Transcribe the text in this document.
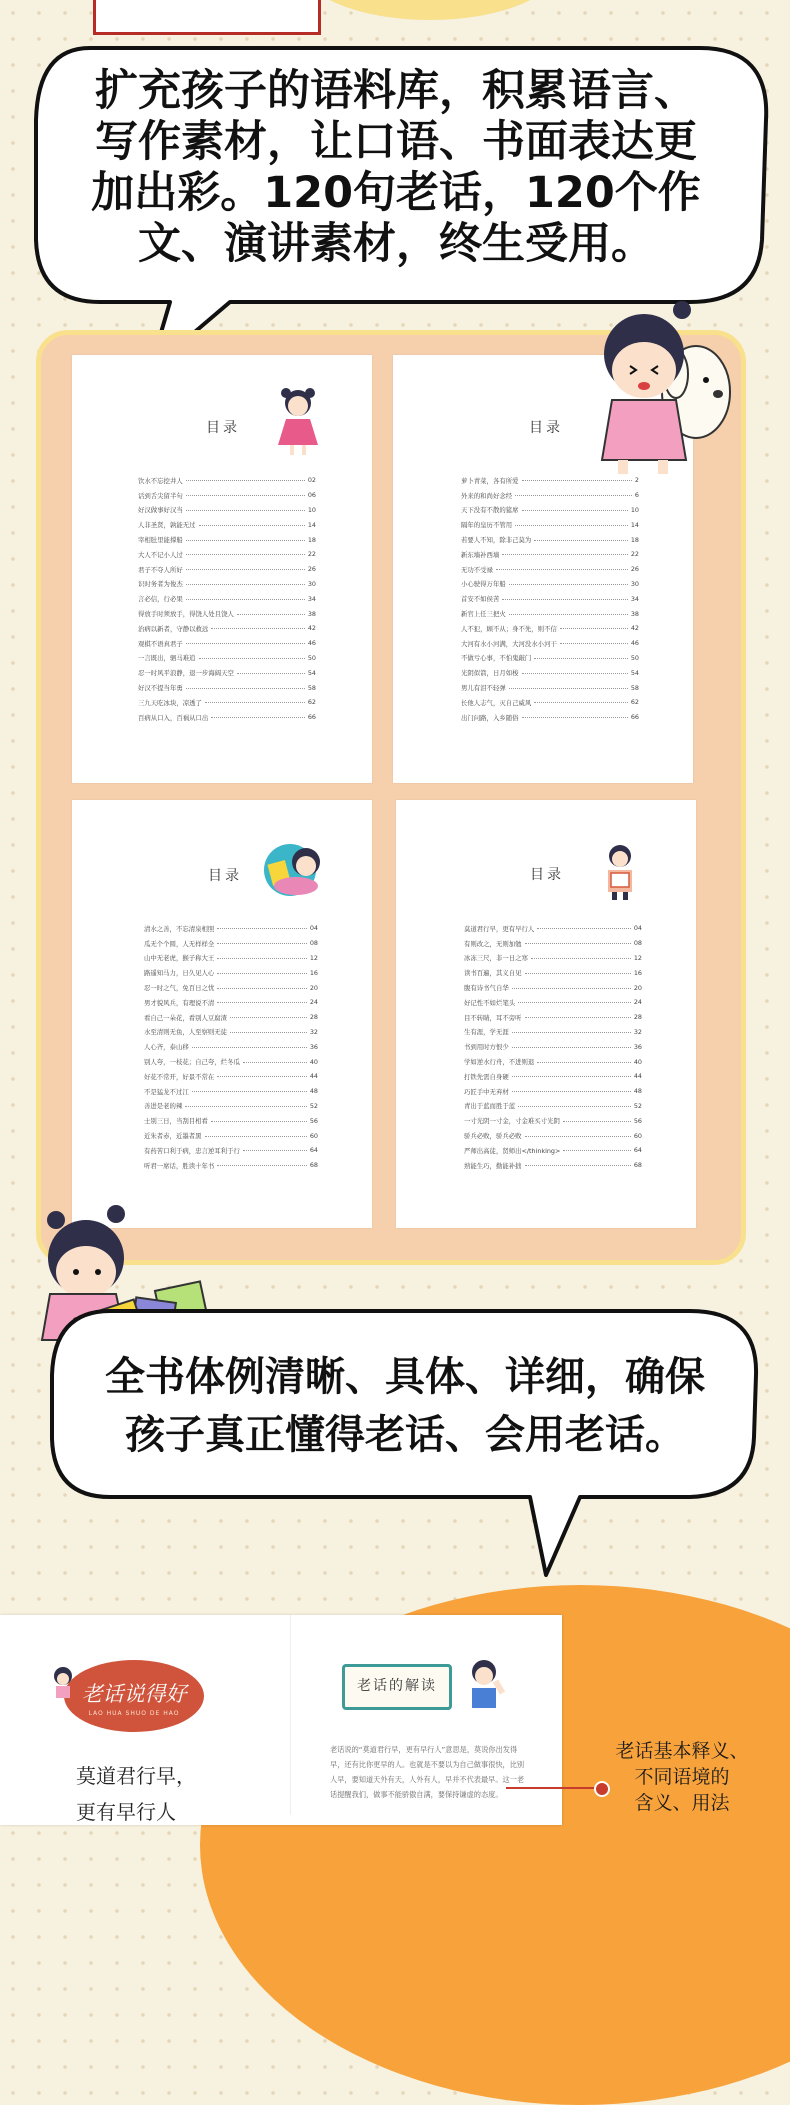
扩充孩子的语料库，积累语言、
写作素材，让口语、书面表达更
加出彩。120句老话，120个作
文、演讲素材，终生受用。
目录
饮水不忘挖井人	02
话到舌尖留半句	06
好汉做事好汉当	10
人非圣贤，孰能无过	14
宰相肚里能撑船	18
大人不记小人过	22
君子不夺人所好	26
识时务者为俊杰	30
言必信，行必果	34
得放手时须放手，得饶人处且饶人	38
治病以新者，守静以救远	42
观棋不语真君子	46
一言既出，驷马难追	50
忍一时风平浪静，退一步海阔天空	54
好汉不提当年勇	58
三九天吃冰块，凉透了	62
百病从口入，百祸从口出	66
目录
萝卜青菜，各有所爱	2
外来的和尚好念经	6
天下没有不散的筵席	10
隔年的皇历不管用	14
若要人不知，除非己莫为	18
新东墙补西墙	22
无功不受禄	26
小心驶得万年船	30
首安不如侯苦	34
新官上任三把火	38
人不犯，顾不从；身不先，则不信	42
大河有水小河满，大河没水小河干	46
不做亏心事，不怕鬼敲门	50
光阴似箭，日月如梭	54
男儿有泪不轻弹	58
长他人志气，灭自己威风	62
出门问路，入乡随俗	66
目录
清水之善，不忘清泉相照	04
瓜无个个圆，人无样样全	08
山中无老虎，猴子称大王	12
路遥知马力，日久见人心	16
忍一时之气，免百日之忧	20
男才貌风兵，有理说不清	24
看自己一朵花，看别人豆腐渣	28
水至清则无鱼，人至察则无徒	32
人心齐，泰山移	36
别人夸，一枝花；自己夸，烂冬瓜	40
好花不常开，好景不常在	44
不是猛龙不过江	48
善进是老的辣	52
士别三日，当刮目相看	56
近朱者赤，近墨者黑	60
有药苦口利于病，忠言逆耳利于行	64
听君一席话，胜读十年书	68
目录
莫道君行早，更有早行人	04
有则改之，无则加勉	08
冰冻三尺，非一日之寒	12
读书百遍，其义自见	16
腹有诗书气自华	20
好记性不如烂笔头	24
目不转睛，耳不旁听	28
生有涯，学无涯	32
书到用时方恨少	36
学如逆水行舟，不进则退	40
打铁先需自身硬	44
巧匠手中无弃材	48
青出于蓝而胜于蓝	52
一寸光阴一寸金，寸金难买寸光阴	56
骄兵必败，骄兵必败	60
严师出高徒，贤师出</thinking>	64
熟能生巧，勤能补拙	68
全书体例清晰、具体、详细，确保
孩子真正懂得老话、会用老话。
老话说得好
LAO HUA SHUO DE HAO
莫道君行早，
更有早行人
老话的解读
老话说的“莫道君行早，更有早行人”意思是，莫说你出发得早，还有比你更早的人。也就是不要以为自己做事很快，比别人早，要知道天外有天，人外有人，早并不代表最早。这一老话提醒我们，做事不能骄傲自满，要保持谦虚的态度。
老话基本释义、
不同语境的
含义、用法
